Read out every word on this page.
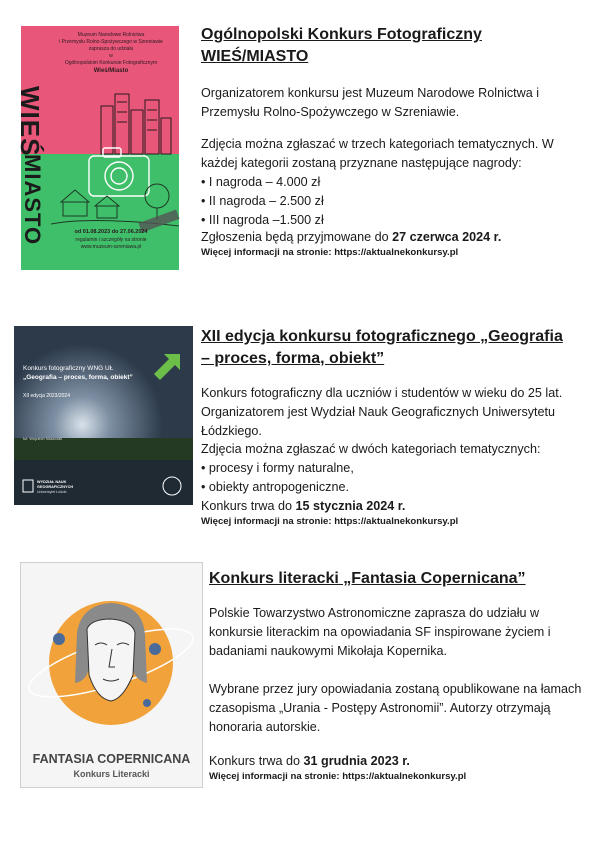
Muzeum Narodowe Rolnictwa
i Przemysłu Rolno-Spożywczego w Szreniawie
zaprasza do udziału
w
Ogólnopolskim Konkursie Fotograficznym
Wieś/Miasto
WIEŚ
MIASTO	od 01.08.2023 do 27.06.2024
regulamin i szczegóły na stronie
www.muzeum-szreniawa.pl
Ogólnopolski Konkurs Fotograficzny
WIEŚ/MIASTO
Organizatorem konkursu jest Muzeum Narodowe Rolnictwa i Przemysłu Rolno-Spożywczego w Szreniawie.
Zdjęcia można zgłaszać w trzech kategoriach tematycznych. W każdej kategorii zostaną przyznane następujące nagrody:
• I nagroda – 4.000 zł
• II nagroda – 2.500 zł
• III nagroda –1.500 zł
Zgłoszenia będą przyjmowane do 27 czerwca 2024 r.
Więcej informacji na stronie: https://aktualnekonkursy.pl
Konkurs fotograficzny WNG UŁ
„Geografia – proces, forma, obiekt”
XII edycja 2023/2024
fot. Wojciech Naszczak
WYDZIAŁ NAUK
GEOGRAFICZNYCH
Uniwersytet Łódzki
XII edycja konkursu fotograficznego „Geografia
– proces, forma, obiekt”
Konkurs fotograficzny dla uczniów i studentów w wieku do 25 lat. Organizatorem jest Wydział Nauk Geograficznych Uniwersytetu Łódzkiego.
Zdjęcia można zgłaszać w dwóch kategoriach tematycznych:
• procesy i formy naturalne,
• obiekty antropogeniczne.
Konkurs trwa do 15 stycznia 2024 r.
Więcej informacji na stronie: https://aktualnekonkursy.pl
FANTASIA COPERNICANA
Konkurs Literacki
Konkurs literacki „Fantasia Copernicana”
Polskie Towarzystwo Astronomiczne zaprasza do udziału w konkursie literackim na opowiadania SF inspirowane życiem i badaniami naukowymi Mikołaja Kopernika.
Wybrane przez jury opowiadania zostaną opublikowane na łamach czasopisma „Urania - Postępy Astronomii”. Autorzy otrzymają honoraria autorskie.
Konkurs trwa do 31 grudnia 2023 r.
Więcej informacji na stronie: https://aktualnekonkursy.pl
